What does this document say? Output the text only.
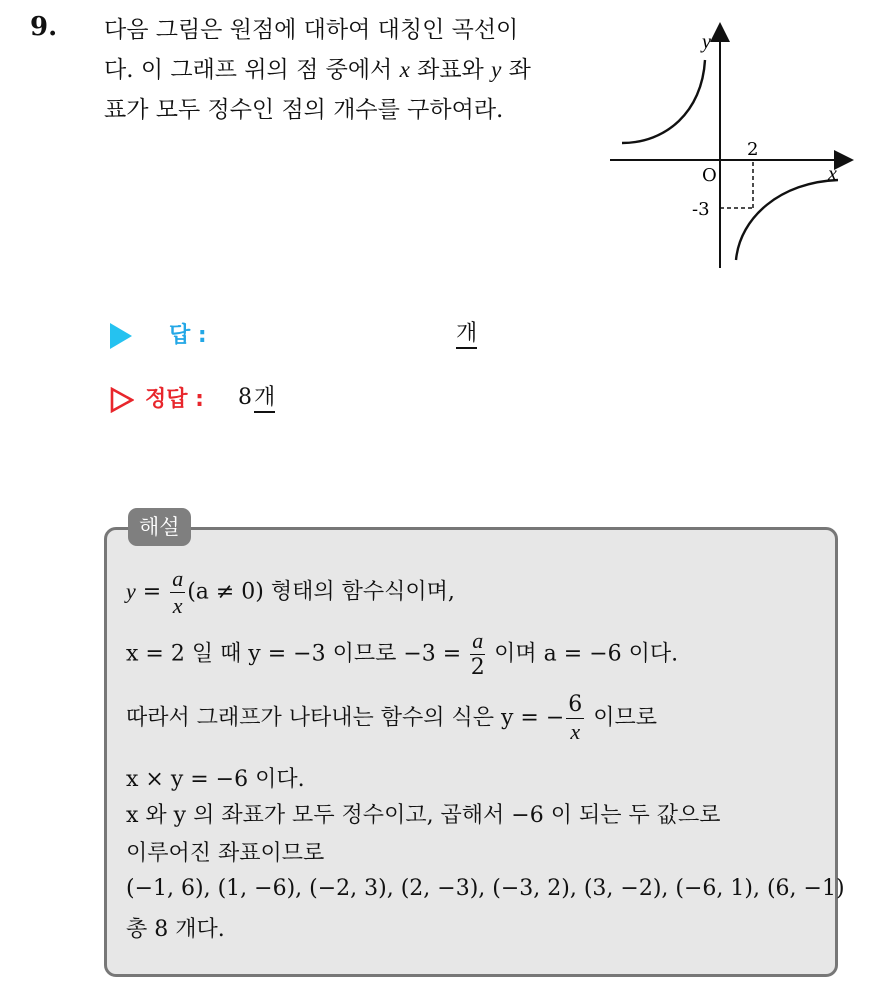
9. 다음 그림은 원점에 대하여 대칭인 곡선이
다. 이 그래프 위의 점 중에서 x 좌표와 y 좌
표가 모두 정수인 점의 개수를 구하여라.
y
x
O
2
-3
답 :	개
정답 : 8 개
해설
$y = \frac{a}{x} (a \ne 0)$ 형태의 함수식이며,
x = 2 일 때 y = −3 이므로 $-3 = \frac{a}{2}$ 이며 a = −6 이다.
따라서 그래프가 나타내는 함수의 식은 y = − $\frac{6}{x}$ 이므로
x × y = −6 이다.
x 와 y 의 좌표가 모두 정수이고, 곱해서 −6 이 되는 두 값으로
이루어진 좌표이므로
(−1, 6), (1, −6), (−2, 3), (2, −3), (−3, 2), (3, −2), (−6, 1), (6, −1)
총 8 개다.
